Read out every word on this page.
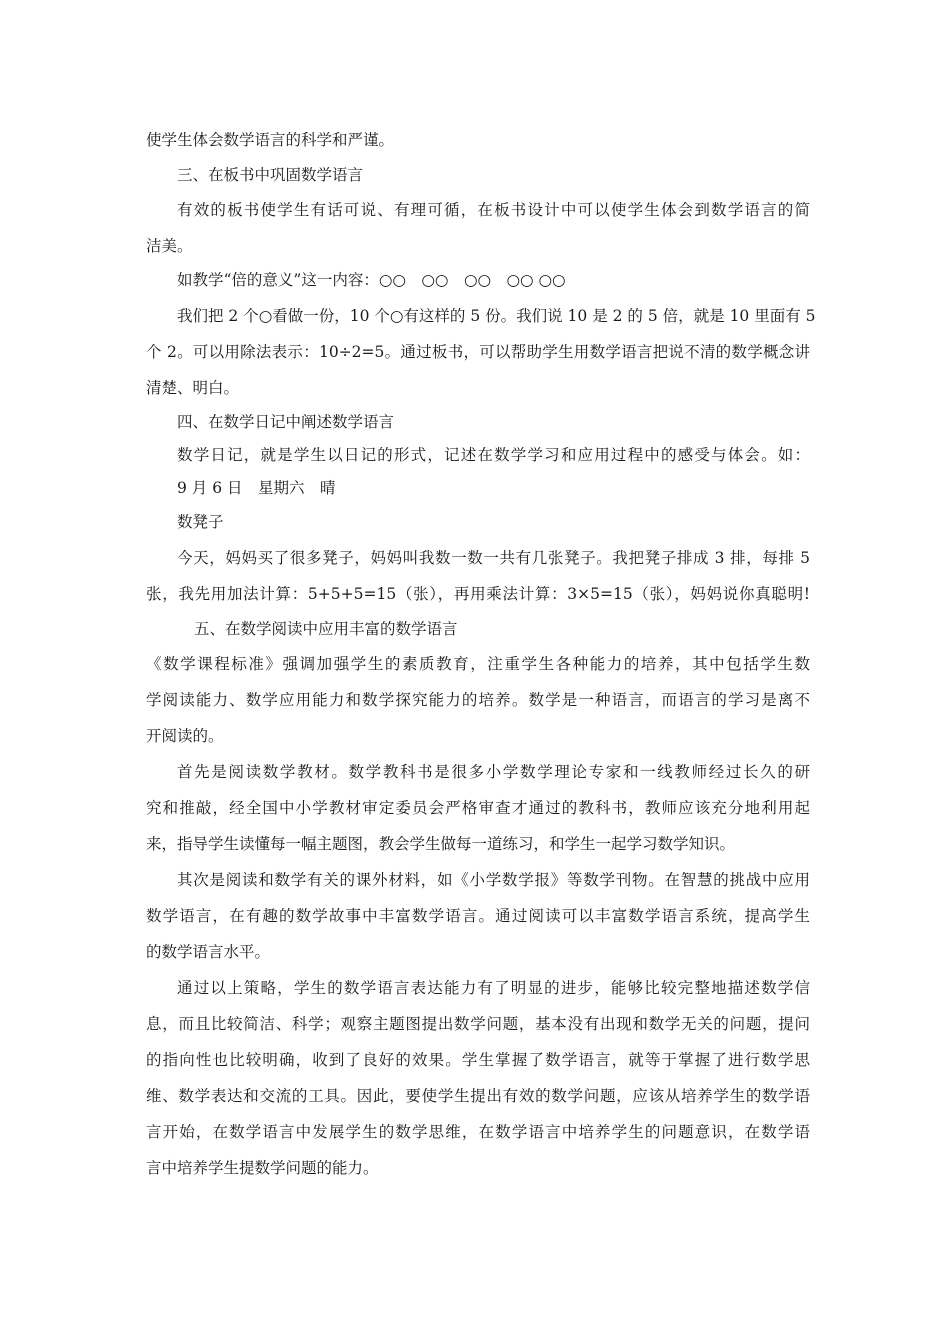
使学生体会数学语言的科学和严谨。
三、在板书中巩固数学语言
有效的板书使学生有话可说、有理可循，在板书设计中可以使学生体会到数学语言的简
洁美。
如教学“倍的意义”这一内容：○○　○○　○○　○○ ○○
我们把 2 个○看做一份，10 个○有这样的 5 份。我们说 10 是 2 的 5 倍，就是 10 里面有 5
个 2。可以用除法表示：10÷2=5。通过板书，可以帮助学生用数学语言把说不清的数学概念讲
清楚、明白。
四、在数学日记中阐述数学语言
数学日记，就是学生以日记的形式，记述在数学学习和应用过程中的感受与体会。如：
9 月 6 日　星期六　晴
数凳子
今天，妈妈买了很多凳子，妈妈叫我数一数一共有几张凳子。我把凳子排成 3 排，每排 5
张，我先用加法计算：5+5+5=15（张），再用乘法计算：3×5=15（张），妈妈说你真聪明!
五、在数学阅读中应用丰富的数学语言
《数学课程标准》强调加强学生的素质教育，注重学生各种能力的培养，其中包括学生数
学阅读能力、数学应用能力和数学探究能力的培养。数学是一种语言，而语言的学习是离不
开阅读的。
首先是阅读数学教材。数学教科书是很多小学数学理论专家和一线教师经过长久的研
究和推敲，经全国中小学教材审定委员会严格审查才通过的教科书，教师应该充分地利用起
来，指导学生读懂每一幅主题图，教会学生做每一道练习，和学生一起学习数学知识。
其次是阅读和数学有关的课外材料，如《小学数学报》等数学刊物。在智慧的挑战中应用
数学语言，在有趣的数学故事中丰富数学语言。通过阅读可以丰富数学语言系统，提高学生
的数学语言水平。
通过以上策略，学生的数学语言表达能力有了明显的进步，能够比较完整地描述数学信
息，而且比较简洁、科学；观察主题图提出数学问题，基本没有出现和数学无关的问题，提问
的指向性也比较明确，收到了良好的效果。学生掌握了数学语言，就等于掌握了进行数学思
维、数学表达和交流的工具。因此，要使学生提出有效的数学问题，应该从培养学生的数学语
言开始，在数学语言中发展学生的数学思维，在数学语言中培养学生的问题意识，在数学语
言中培养学生提数学问题的能力。
